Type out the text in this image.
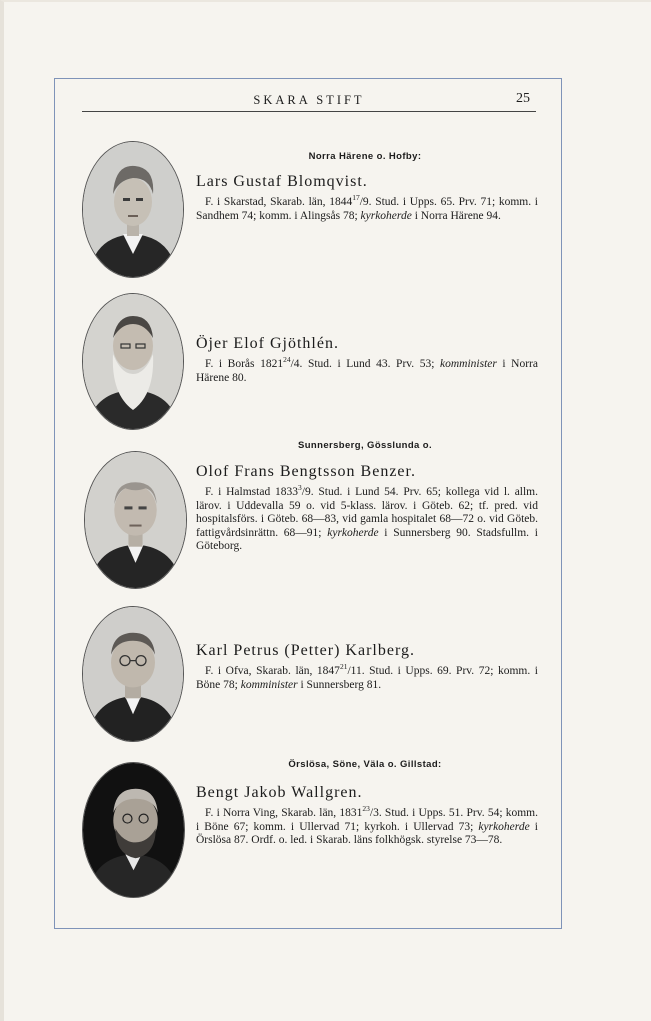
SKARA STIFT	25
Norra Härene o. Hofby:
Lars Gustaf Blomqvist.

F. i Skarstad, Skarab. län, 1844$^{17}$/9. Stud. i Upps. 65. Prv. 71; komm. i Sandhem 74; komm. i Alingsås 78; kyrkoherde i Norra Härene 94.

Öjer Elof Gjöthlén.

F. i Borås 1821$^{24}$/4. Stud. i Lund 43. Prv. 53; komminister i Norra Härene 80.

Sunnersberg, Gösslunda o.
Olof Frans Bengtsson Benzer.

F. i Halmstad 1833$^3$/9. Stud. i Lund 54. Prv. 65; kollega vid l. allm. lärov. i Uddevalla 59 o. vid 5-klass. lärov. i Göteb. 62; tf. pred. vid hospitalsförs. i Göteb. 68—83, vid gamla hospitalet 68—72 o. vid Göteb. fattigvårdsinrättn. 68—91; kyrkoherde i Sunnersberg 90. Stadsfullm. i Göteborg.

Karl Petrus (Petter) Karlberg.

F. i Ofva, Skarab. län, 1847$^{21}$/11. Stud. i Upps. 69. Prv. 72; komm. i Böne 78; komminister i Sunnersberg 81.

Örslösa, Söne, Väla o. Gillstad:
Bengt Jakob Wallgren.

F. i Norra Ving, Skarab. län, 1831$^{23}$/3. Stud. i Upps. 51. Prv. 54; komm. i Böne 67; komm. i Ullervad 71; kyrkoh. i Ullervad 73; kyrkoherde i Örslösa 87. Ordf. o. led. i Skarab. läns folkhögsk. styrelse 73—78.
